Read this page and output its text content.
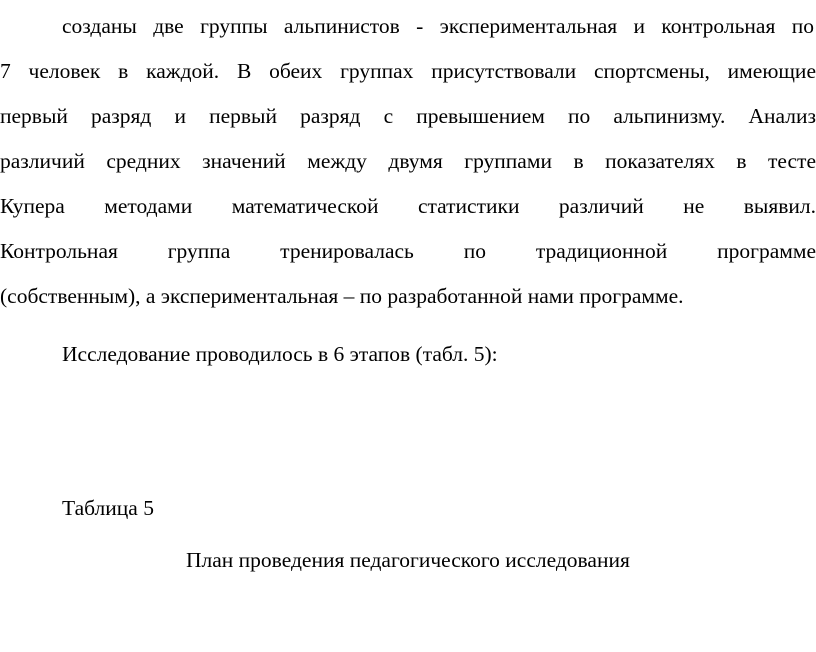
созданы две группы альпинистов - экспериментальная и контрольная по
7 человек в каждой. В обеих группах присутствовали спортсмены, имеющие
первый разряд и первый разряд с превышением по альпинизму. Анализ
различий средних значений между двумя группами в показателях в тесте
Купера методами математической статистики различий не выявил.
Контрольная группа тренировалась по традиционной программе
(собственным), а экспериментальная – по разработанной нами программе.
Исследование проводилось в 6 этапов (табл. 5):
Таблица 5
План проведения педагогического исследования
